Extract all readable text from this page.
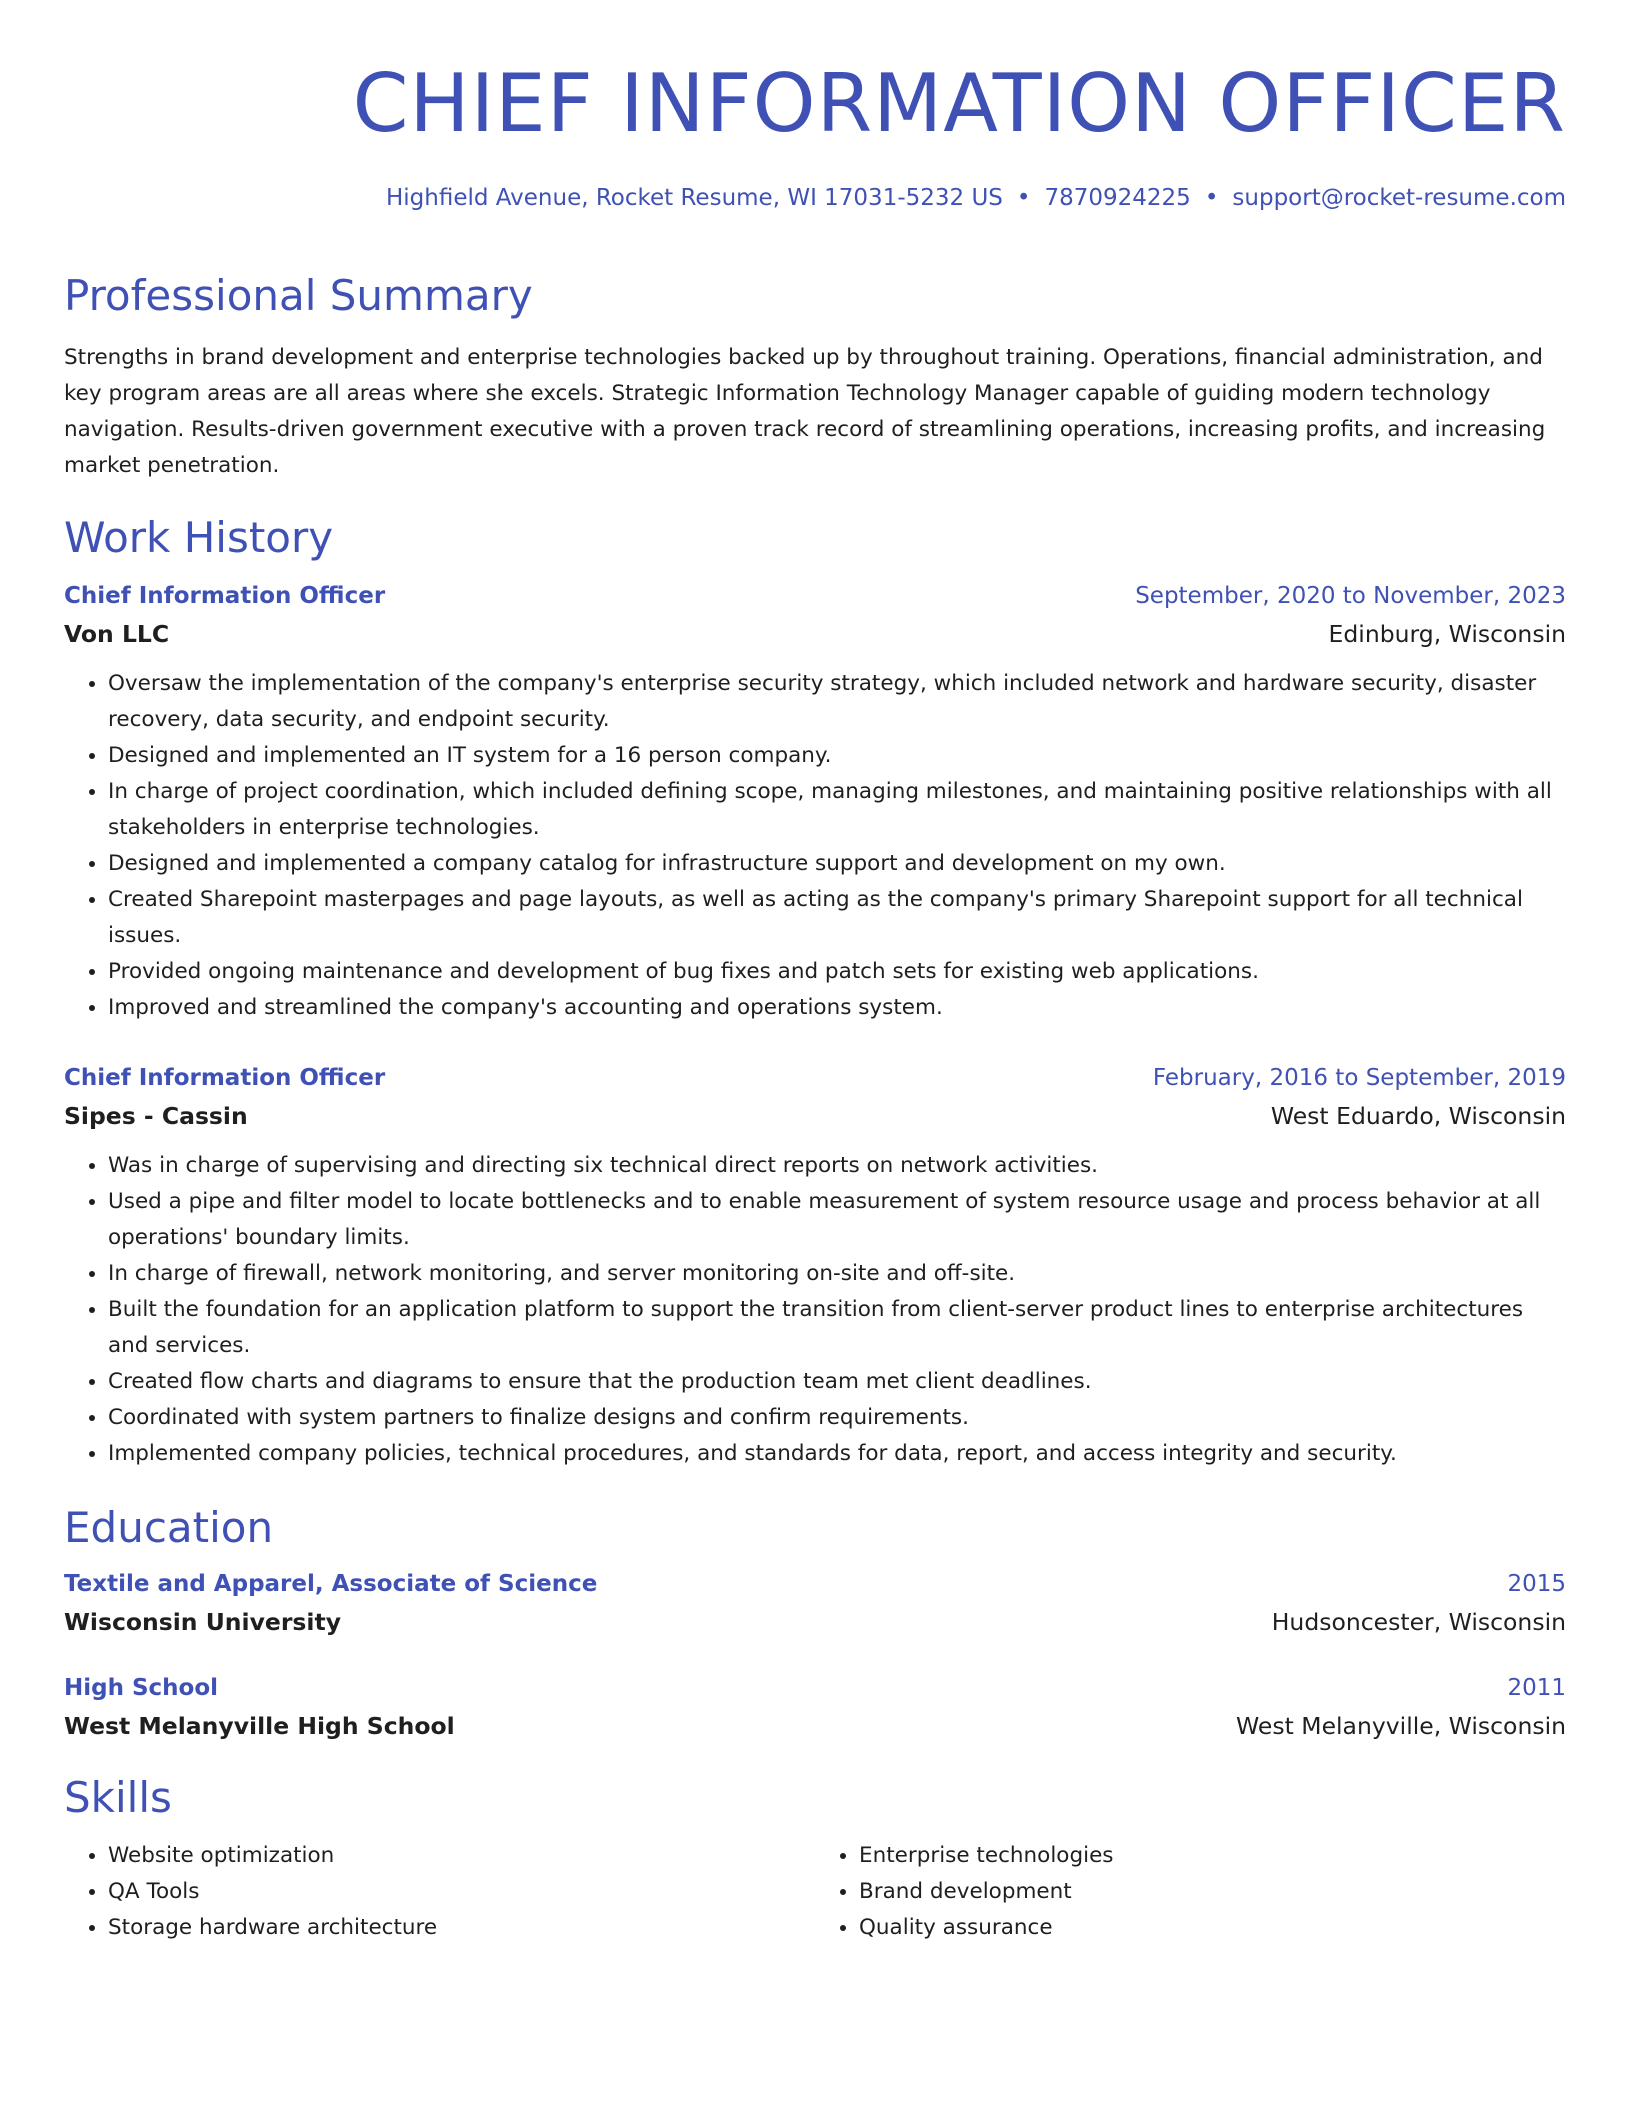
CHIEF INFORMATION OFFICER
Highfield Avenue, Rocket Resume, WI 17031-5232 US • 7870924225 • support@rocket-resume.com
Professional Summary
Strengths in brand development and enterprise technologies backed up by throughout training. Operations, financial administration, and key program areas are all areas where she excels. Strategic Information Technology Manager capable of guiding modern technology navigation. Results-driven government executive with a proven track record of streamlining operations, increasing profits, and increasing market penetration.
Work History
Chief Information Officer	September, 2020 to November, 2023
Von LLC	Edinburg, Wisconsin
• Oversaw the implementation of the company's enterprise security strategy, which included network and hardware security, disaster recovery, data security, and endpoint security.
• Designed and implemented an IT system for a 16 person company.
• In charge of project coordination, which included defining scope, managing milestones, and maintaining positive relationships with all stakeholders in enterprise technologies.
• Designed and implemented a company catalog for infrastructure support and development on my own.
• Created Sharepoint masterpages and page layouts, as well as acting as the company's primary Sharepoint support for all technical issues.
• Provided ongoing maintenance and development of bug fixes and patch sets for existing web applications.
• Improved and streamlined the company's accounting and operations system.
Chief Information Officer	February, 2016 to September, 2019
Sipes - Cassin	West Eduardo, Wisconsin
• Was in charge of supervising and directing six technical direct reports on network activities.
• Used a pipe and filter model to locate bottlenecks and to enable measurement of system resource usage and process behavior at all operations' boundary limits.
• In charge of firewall, network monitoring, and server monitoring on-site and off-site.
• Built the foundation for an application platform to support the transition from client-server product lines to enterprise architectures and services.
• Created flow charts and diagrams to ensure that the production team met client deadlines.
• Coordinated with system partners to finalize designs and confirm requirements.
• Implemented company policies, technical procedures, and standards for data, report, and access integrity and security.
Education
Textile and Apparel, Associate of Science	2015
Wisconsin University	Hudsoncester, Wisconsin
High School	2011
West Melanyville High School	West Melanyville, Wisconsin
Skills
• Website optimization
• QA Tools
• Storage hardware architecture
• Enterprise technologies
• Brand development
• Quality assurance
